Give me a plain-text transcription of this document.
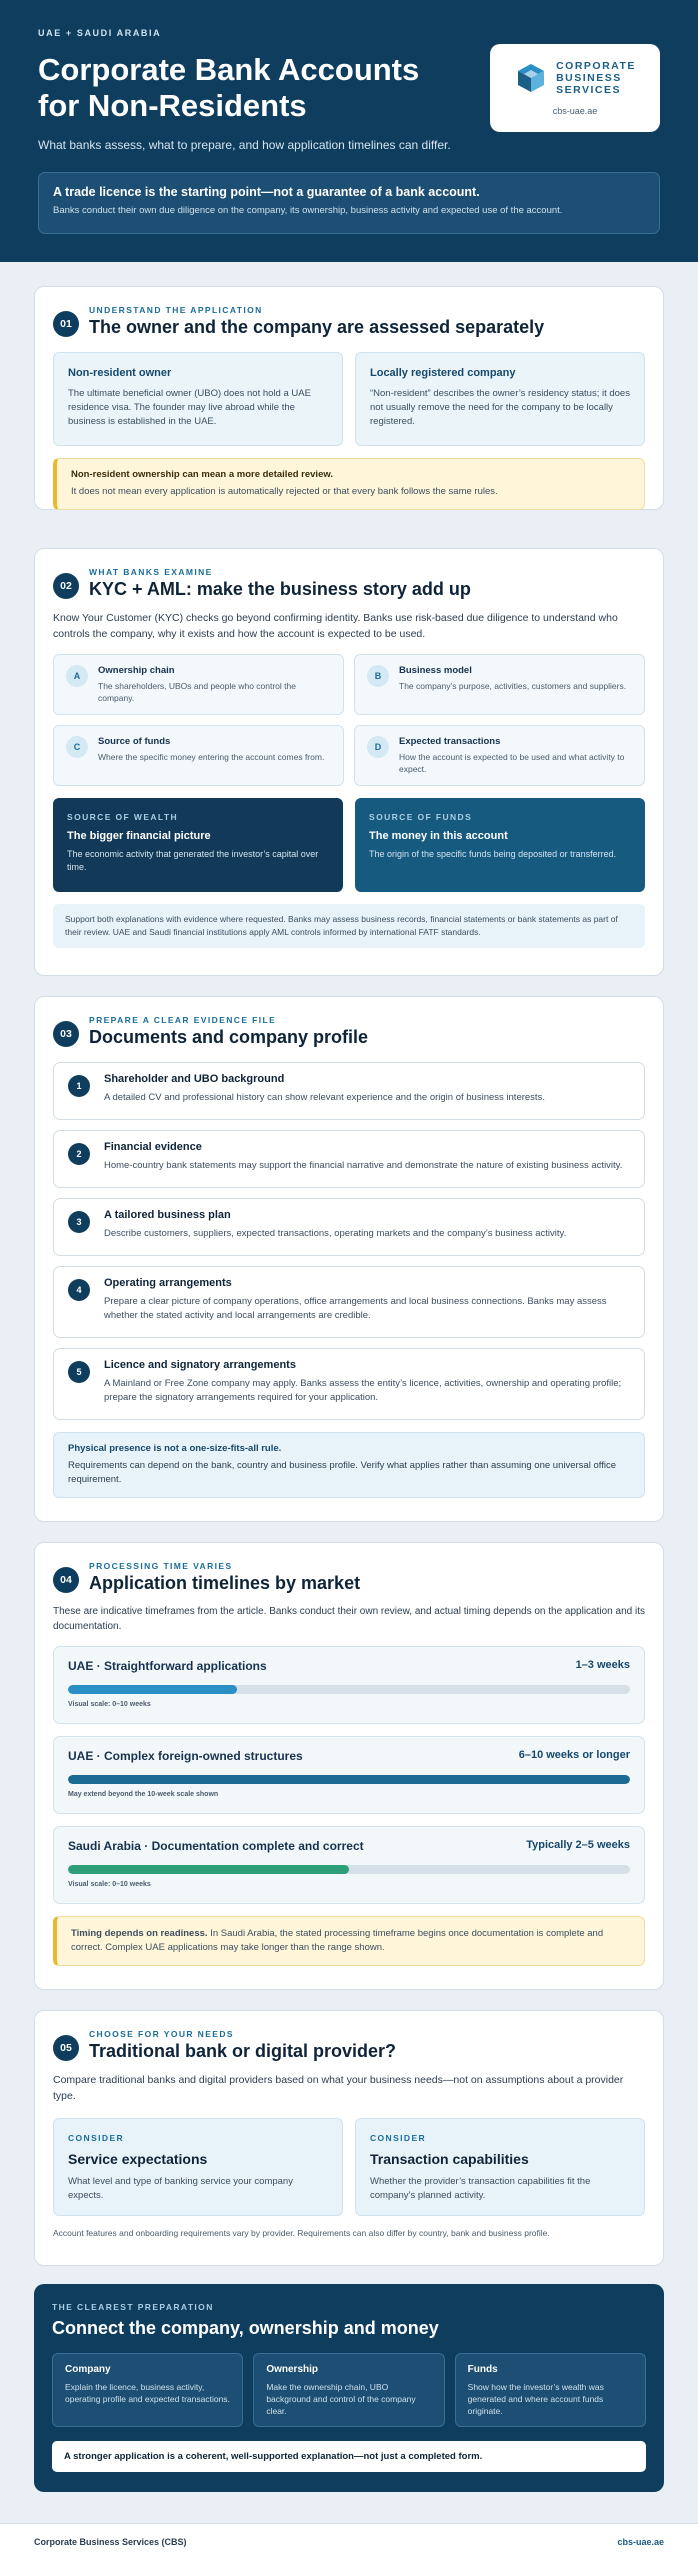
UAE + SAUDI ARABIA
Corporate Bank Accounts for Non-Residents
What banks assess, what to prepare, and how application timelines can differ.
CORPORATE
BUSINESS
SERVICES
cbs-uae.ae
A trade licence is the starting point—not a guarantee of a bank account.

Banks conduct their own due diligence on the company, its ownership, business activity and expected use of the account.

01
UNDERSTAND THE APPLICATION
The owner and the company are assessed separately
Non-resident owner

The ultimate beneficial owner (UBO) does not hold a UAE residence visa. The founder may live abroad while the business is established in the UAE.

Locally registered company

“Non-resident” describes the owner’s residency status; it does not usually remove the need for the company to be locally registered.

Non-resident ownership can mean a more detailed review.

It does not mean every application is automatically rejected or that every bank follows the same rules.

02
WHAT BANKS EXAMINE
KYC + AML: make the business story add up

Know Your Customer (KYC) checks go beyond confirming identity. Banks use risk-based due diligence to understand who controls the company, why it exists and how the account is expected to be used.

A	Ownership chain

The shareholders, UBOs and people who control the company.

B	Business model

The company’s purpose, activities, customers and suppliers.

C	Source of funds

Where the specific money entering the account comes from.

D	Expected transactions

How the account is expected to be used and what activity to expect.

SOURCE OF WEALTH
The bigger financial picture

The economic activity that generated the investor’s capital over time.

SOURCE OF FUNDS
The money in this account

The origin of the specific funds being deposited or transferred.

Support both explanations with evidence where requested. Banks may assess business records, financial statements or bank statements as part of their review. UAE and Saudi financial institutions apply AML controls informed by international FATF standards.
03
PREPARE A CLEAR EVIDENCE FILE
Documents and company profile
1
Shareholder and UBO background

A detailed CV and professional history can show relevant experience and the origin of business interests.

2
Financial evidence

Home-country bank statements may support the financial narrative and demonstrate the nature of existing business activity.

3
A tailored business plan

Describe customers, suppliers, expected transactions, operating markets and the company’s business activity.

4
Operating arrangements

Prepare a clear picture of company operations, office arrangements and local business connections. Banks may assess whether the stated activity and local arrangements are credible.

5
Licence and signatory arrangements

A Mainland or Free Zone company may apply. Banks assess the entity’s licence, activities, ownership and operating profile; prepare the signatory arrangements required for your application.

Physical presence is not a one-size-fits-all rule.

Requirements can depend on the bank, country and business profile. Verify what applies rather than assuming one universal office requirement.

04
PROCESSING TIME VARIES
Application timelines by market

These are indicative timeframes from the article. Banks conduct their own review, and actual timing depends on the application and its documentation.

UAE · Straightforward applications	1–3 weeks
Visual scale: 0–10 weeks
UAE · Complex foreign-owned structures	6–10 weeks or longer
May extend beyond the 10-week scale shown
Saudi Arabia · Documentation complete and correct	Typically 2–5 weeks
Visual scale: 0–10 weeks

Timing depends on readiness. In Saudi Arabia, the stated processing timeframe begins once documentation is complete and correct. Complex UAE applications may take longer than the range shown.

05
CHOOSE FOR YOUR NEEDS
Traditional bank or digital provider?

Compare traditional banks and digital providers based on what your business needs—not on assumptions about a provider type.

CONSIDER
Service expectations

What level and type of banking service your company expects.

CONSIDER
Transaction capabilities

Whether the provider’s transaction capabilities fit the company’s planned activity.

Account features and onboarding requirements vary by provider. Requirements can also differ by country, bank and business profile.

THE CLEAREST PREPARATION
Connect the company, ownership and money
Company

Explain the licence, business activity, operating profile and expected transactions.

Ownership

Make the ownership chain, UBO background and control of the company clear.

Funds

Show how the investor’s wealth was generated and where account funds originate.

A stronger application is a coherent, well-supported explanation—not just a completed form.
Corporate Business Services (CBS)	cbs-uae.ae
